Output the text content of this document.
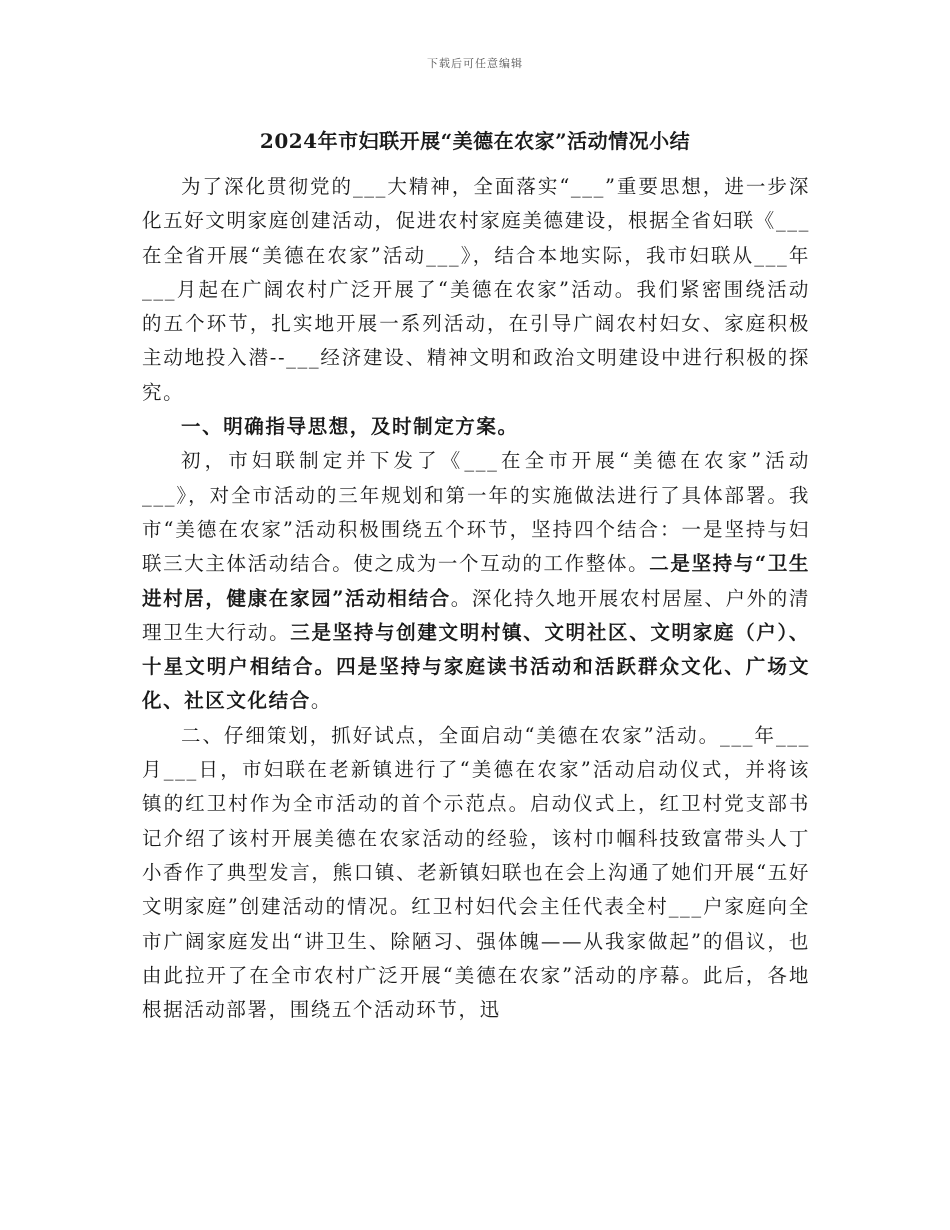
下载后可任意编辑
2024年市妇联开展“美德在农家”活动情况小结

为了深化贯彻党的___大精神，全面落实“___”重要思想，进一步深化五好文明家庭创建活动，促进农村家庭美德建设，根据全省妇联《___在全省开展“美德在农家”活动___》，结合本地实际，我市妇联从___年___月起在广阔农村广泛开展了“美德在农家”活动。我们紧密围绕活动的五个环节，扎实地开展一系列活动，在引导广阔农村妇女、家庭积极主动地投入潜--___经济建设、精神文明和政治文明建设中进行积极的探究。

一、明确指导思想，及时制定方案。

初，市妇联制定并下发了《___在全市开展“美德在农家”活动___》，对全市活动的三年规划和第一年的实施做法进行了具体部署。我市“美德在农家”活动积极围绕五个环节，坚持四个结合：一是坚持与妇联三大主体活动结合。使之成为一个互动的工作整体。二是坚持与“卫生进村居，健康在家园”活动相结合。深化持久地开展农村居屋、户外的清理卫生大行动。三是坚持与创建文明村镇、文明社区、文明家庭（户）、十星文明户相结合。四是坚持与家庭读书活动和活跃群众文化、广场文化、社区文化结合。

二、仔细策划，抓好试点，全面启动“美德在农家”活动。___年___月___日，市妇联在老新镇进行了“美德在农家”活动启动仪式，并将该镇的红卫村作为全市活动的首个示范点。启动仪式上，红卫村党支部书记介绍了该村开展美德在农家活动的经验，该村巾帼科技致富带头人丁小香作了典型发言，熊口镇、老新镇妇联也在会上沟通了她们开展“五好文明家庭”创建活动的情况。红卫村妇代会主任代表全村___户家庭向全市广阔家庭发出“讲卫生、除陋习、强体魄——从我家做起”的倡议，也由此拉开了在全市农村广泛开展“美德在农家”活动的序幕。此后，各地根据活动部署，围绕五个活动环节，迅
